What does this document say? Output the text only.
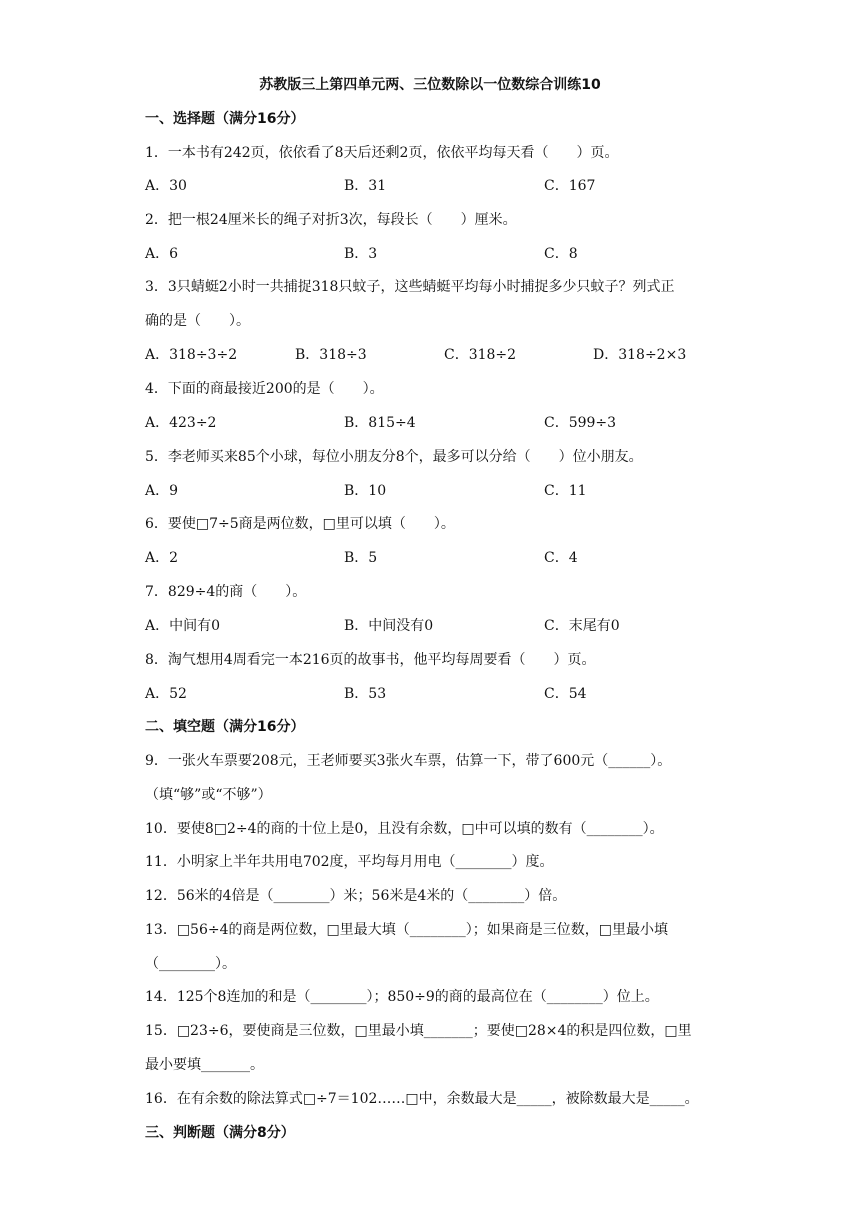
苏教版三上第四单元两、三位数除以一位数综合训练10
一、选择题（满分16分）
1．一本书有242页，依依看了8天后还剩2页，依依平均每天看（　　）页。
A．30	B．31	C．167
2．把一根24厘米长的绳子对折3次，每段长（　　）厘米。
A．6	B．3	C．8
3．3只蜻蜓2小时一共捕捉318只蚊子，这些蜻蜓平均每小时捕捉多少只蚊子？列式正
确的是（　　）。
A．318÷3÷2	B．318÷3	C．318÷2	D．318÷2×3
4．下面的商最接近200的是（　　）。
A．423÷2	B．815÷4	C．599÷3
5．李老师买来85个小球，每位小朋友分8个，最多可以分给（　　）位小朋友。
A．9	B．10	C．11
6．要使□7÷5商是两位数，□里可以填（　　）。
A．2	B．5	C．4
7．829÷4的商（　　）。
A．中间有0	B．中间没有0	C．末尾有0
8．淘气想用4周看完一本216页的故事书，他平均每周要看（　　）页。
A．52	B．53	C．54
二、填空题（满分16分）
9．一张火车票要208元，王老师要买3张火车票，估算一下，带了600元（______）。
（填“够”或“不够”）
10．要使8□2÷4的商的十位上是0，且没有余数，□中可以填的数有（________）。
11．小明家上半年共用电702度，平均每月用电（________）度。
12．56米的4倍是（________）米；56米是4米的（________）倍。
13．□56÷4的商是两位数，□里最大填（________）；如果商是三位数，□里最小填
（________）。
14．125个8连加的和是（________）；850÷9的商的最高位在（________）位上。
15．□23÷6，要使商是三位数，□里最小填_______；要使□28×4的积是四位数，□里
最小要填_______。
16．在有余数的除法算式□÷7＝102……□中，余数最大是_____，被除数最大是_____。
三、判断题（满分8分）
